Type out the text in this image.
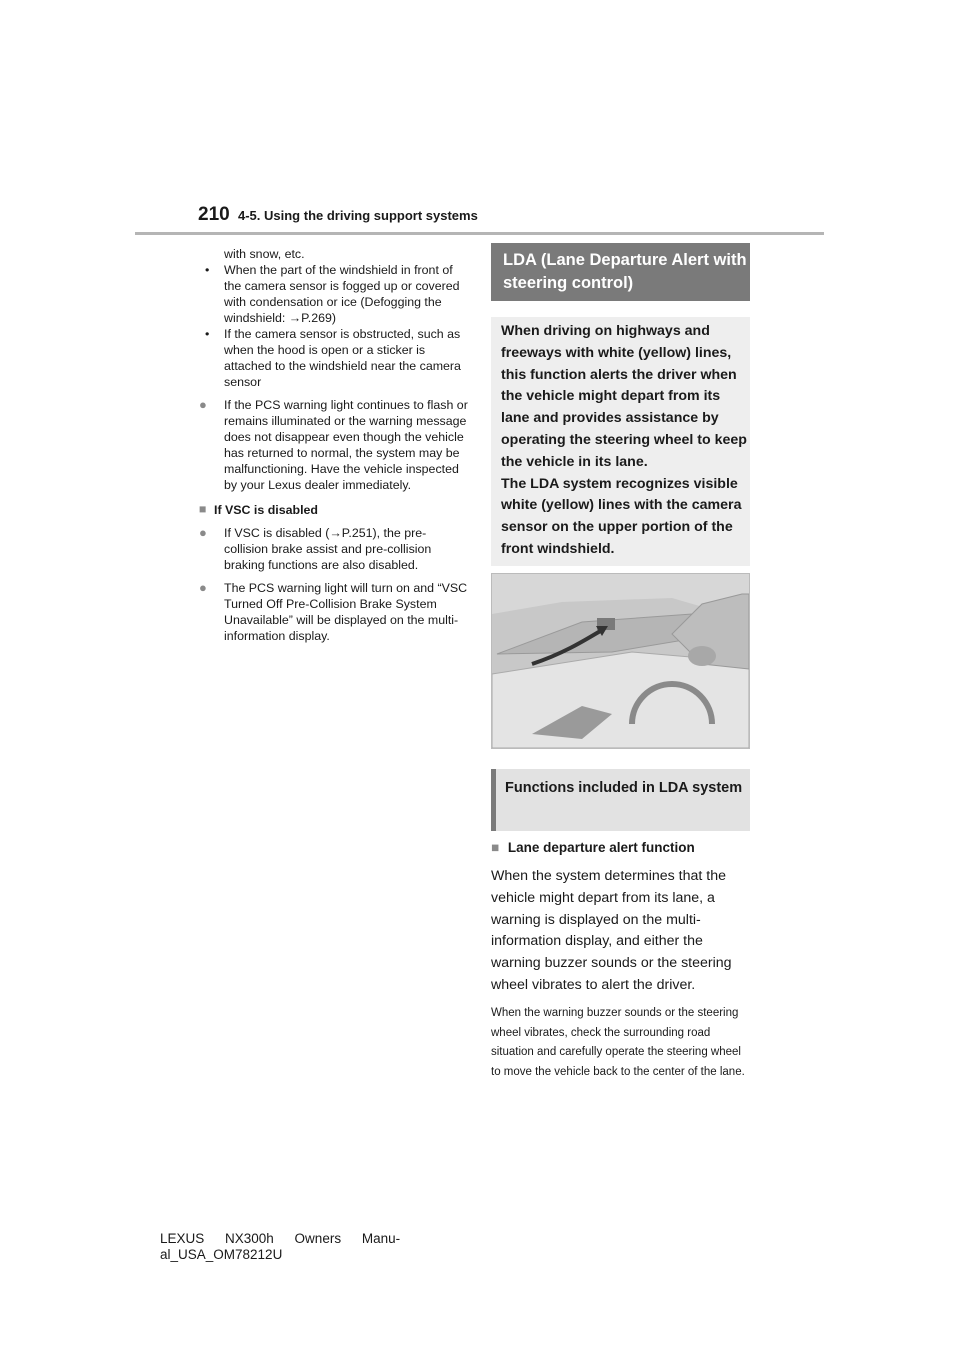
210 4-5. Using the driving support systems
with snow, etc.
• When the part of the windshield in front of the camera sensor is fogged up or covered with condensation or ice (Defogging the windshield: →P.269)
• If the camera sensor is obstructed, such as when the hood is open or a sticker is attached to the windshield near the camera sensor
● If the PCS warning light continues to flash or remains illuminated or the warning message does not disappear even though the vehicle has returned to normal, the system may be malfunctioning. Have the vehicle inspected by your Lexus dealer immediately.
■ If VSC is disabled
● If VSC is disabled (→P.251), the pre-collision brake assist and pre-collision braking functions are also disabled.
● The PCS warning light will turn on and “VSC Turned Off Pre-Collision Brake System Unavailable” will be displayed on the multi-information display.
LDA (Lane Departure Alert with steering control)
When driving on highways and freeways with white (yellow) lines, this function alerts the driver when the vehicle might depart from its lane and provides assistance by operating the steering wheel to keep the vehicle in its lane.
The LDA system recognizes visible white (yellow) lines with the camera sensor on the upper portion of the front windshield.
Functions included in LDA system
■ Lane departure alert function
When the system determines that the vehicle might depart from its lane, a warning is displayed on the multi-information display, and either the warning buzzer sounds or the steering wheel vibrates to alert the driver.
When the warning buzzer sounds or the steering wheel vibrates, check the surrounding road situation and carefully operate the steering wheel to move the vehicle back to the center of the lane.
LEXUS NX300h Owners Manu-
al_USA_OM78212U
